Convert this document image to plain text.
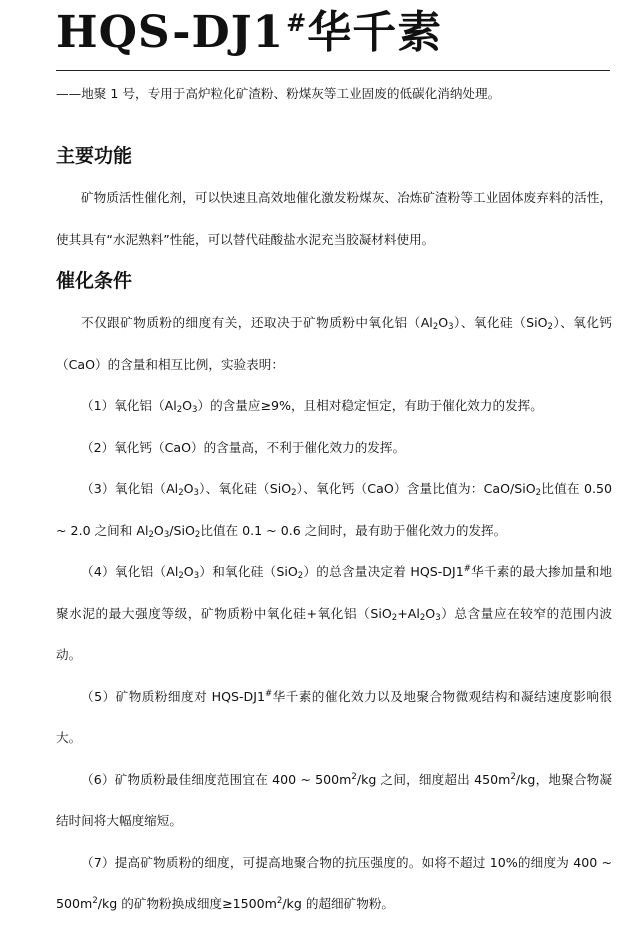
HQS-DJ1#华千素

——地聚 1 号，专用于高炉粒化矿渣粉、粉煤灰等工业固废的低碳化消纳处理。

主要功能

矿物质活性催化剂，可以快速且高效地催化激发粉煤灰、冶炼矿渣粉等工业固体废弃料的活性，使其具有“水泥熟料”性能，可以替代硅酸盐水泥充当胶凝材料使用。

催化条件
不仅跟矿物质粉的细度有关，还取决于矿物质粉中氧化铝$(Al_2O_3)$、氧化硅（SiO$_2$）、氧化钙（CaO）的含量和相互比例，实验表明：
（1）氧化铝$(Al_2O_3)$的含量应≥9%，且相对稳定恒定，有助于催化效力的发挥。
（2）氧化钙（CaO）的含量高，不利于催化效力的发挥。
（3）氧化铝$(Al_2O_3)$、氧化硅（SiO$_2$）、氧化钙（CaO）含量比值为：CaO/SiO$_2$比值在 0.50 ~ 2.0 之间和 $Al_2O_3/SiO_2$比值在 0.1 ~ 0.6 之间时，最有助于催化效力的发挥。
（4）氧化铝$(Al_2O_3)$和氧化硅（SiO$_2$）的总含量决定着 HQS-DJ1#华千素的最大掺加量和地聚水泥的最大强度等级，矿物质粉中氧化硅+氧化铝$(SiO_2+Al_2O_3)$总含量应在较窄的范围内波动。
（5）矿物质粉细度对 HQS-DJ1#华千素的催化效力以及地聚合物微观结构和凝结速度影响很大。
（6）矿物质粉最佳细度范围宜在 400 ~ $500m^2/kg$ 之间，细度超出 $450m^2/kg$，地聚合物凝结时间将大幅度缩短。
（7）提高矿物质粉的细度，可提高地聚合物的抗压强度的。如将不超过 10%的细度为 400 ~ $500m^2/kg$ 的矿物粉换成细度$\ge 1500m^2/kg$ 的超细矿物粉。
